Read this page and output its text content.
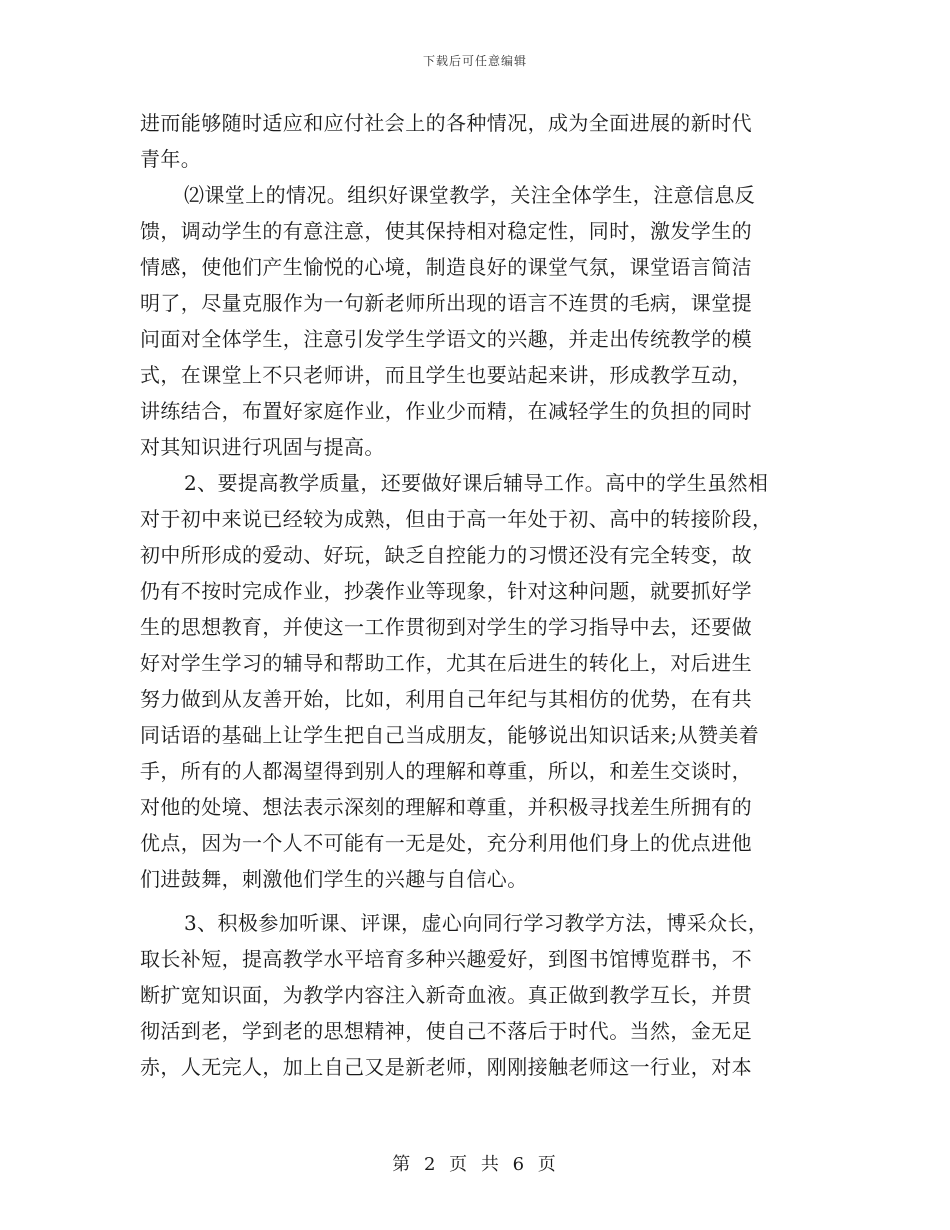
下载后可任意编辑
进而能够随时适应和应付社会上的各种情况，成为全面进展的新时代
青年。
⑵课堂上的情况。组织好课堂教学，关注全体学生，注意信息反
馈，调动学生的有意注意，使其保持相对稳定性，同时，激发学生的
情感，使他们产生愉悦的心境，制造良好的课堂气氛，课堂语言简洁
明了，尽量克服作为一句新老师所出现的语言不连贯的毛病，课堂提
问面对全体学生，注意引发学生学语文的兴趣，并走出传统教学的模
式，在课堂上不只老师讲，而且学生也要站起来讲，形成教学互动，
讲练结合，布置好家庭作业，作业少而精，在减轻学生的负担的同时
对其知识进行巩固与提高。
2、要提高教学质量，还要做好课后辅导工作。高中的学生虽然相
对于初中来说已经较为成熟，但由于高一年处于初、高中的转接阶段，
初中所形成的爱动、好玩，缺乏自控能力的习惯还没有完全转变，故
仍有不按时完成作业，抄袭作业等现象，针对这种问题，就要抓好学
生的思想教育，并使这一工作贯彻到对学生的学习指导中去，还要做
好对学生学习的辅导和帮助工作，尤其在后进生的转化上，对后进生
努力做到从友善开始，比如，利用自己年纪与其相仿的优势，在有共
同话语的基础上让学生把自己当成朋友，能够说出知识话来;从赞美着
手，所有的人都渴望得到别人的理解和尊重，所以，和差生交谈时，
对他的处境、想法表示深刻的理解和尊重，并积极寻找差生所拥有的
优点，因为一个人不可能有一无是处，充分利用他们身上的优点进他
们进鼓舞，刺激他们学生的兴趣与自信心。
3、积极参加听课、评课，虚心向同行学习教学方法，博采众长，
取长补短，提高教学水平培育多种兴趣爱好，到图书馆博览群书，不
断扩宽知识面，为教学内容注入新奇血液。真正做到教学互长，并贯
彻活到老，学到老的思想精神，使自己不落后于时代。当然，金无足
赤，人无完人，加上自己又是新老师，刚刚接触老师这一行业，对本
第 2 页 共 6 页
